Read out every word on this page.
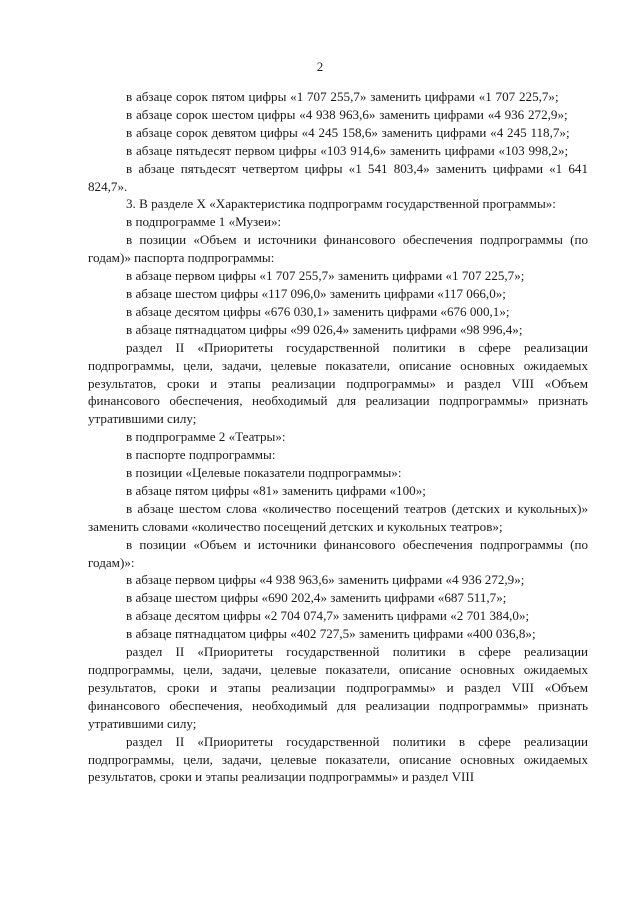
2

в абзаце сорок пятом цифры «1 707 255,7» заменить цифрами «1 707 225,7»;

в абзаце сорок шестом цифры «4 938 963,6» заменить цифрами «4 936 272,9»;

в абзаце сорок девятом цифры «4 245 158,6» заменить цифрами «4 245 118,7»;

в абзаце пятьдесят первом цифры «103 914,6» заменить цифрами «103 998,2»;

в абзаце пятьдесят четвертом цифры «1 541 803,4» заменить цифрами «1 641 824,7».

3. В разделе X «Характеристика подпрограмм государственной программы»:

в подпрограмме 1 «Музеи»:

в позиции «Объем и источники финансового обеспечения подпрограммы (по годам)» паспорта подпрограммы:

в абзаце первом цифры «1 707 255,7» заменить цифрами «1 707 225,7»;

в абзаце шестом цифры «117 096,0» заменить цифрами «117 066,0»;

в абзаце десятом цифры «676 030,1» заменить цифрами «676 000,1»;

в абзаце пятнадцатом цифры «99 026,4» заменить цифрами «98 996,4»;

раздел II «Приоритеты государственной политики в сфере реализации подпрограммы, цели, задачи, целевые показатели, описание основных ожидаемых результатов, сроки и этапы реализации подпрограммы» и раздел VIII «Объем финансового обеспечения, необходимый для реализации подпрограммы» признать утратившими силу;

в подпрограмме 2 «Театры»:

в паспорте подпрограммы:

в позиции «Целевые показатели подпрограммы»:

в абзаце пятом цифры «81» заменить цифрами «100»;

в абзаце шестом слова «количество посещений театров (детских и кукольных)» заменить словами «количество посещений детских и кукольных театров»;

в позиции «Объем и источники финансового обеспечения подпрограммы (по годам)»:

в абзаце первом цифры «4 938 963,6» заменить цифрами «4 936 272,9»;

в абзаце шестом цифры «690 202,4» заменить цифрами «687 511,7»;

в абзаце десятом цифры «2 704 074,7» заменить цифрами «2 701 384,0»;

в абзаце пятнадцатом цифры «402 727,5» заменить цифрами «400 036,8»;

раздел II «Приоритеты государственной политики в сфере реализации подпрограммы, цели, задачи, целевые показатели, описание основных ожидаемых результатов, сроки и этапы реализации подпрограммы» и раздел VIII «Объем финансового обеспечения, необходимый для реализации подпрограммы» признать утратившими силу;

раздел II «Приоритеты государственной политики в сфере реализации подпрограммы, цели, задачи, целевые показатели, описание основных ожидаемых результатов, сроки и этапы реализации подпрограммы» и раздел VIII
